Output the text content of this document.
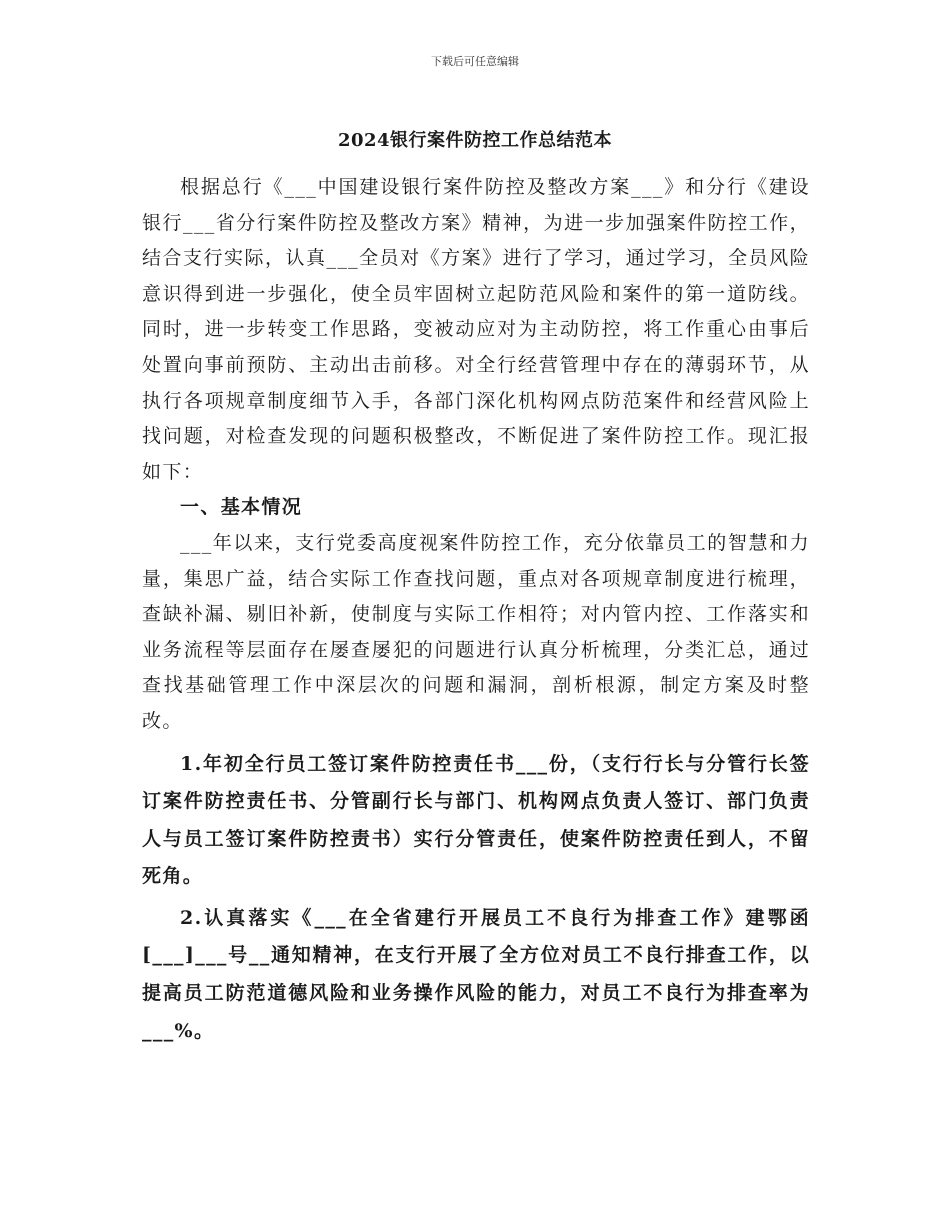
下载后可任意编辑
2024银行案件防控工作总结范本

根据总行《___中国建设银行案件防控及整改方案___》和分行《建设银行___省分行案件防控及整改方案》精神，为进一步加强案件防控工作，结合支行实际，认真___全员对《方案》进行了学习，通过学习，全员风险意识得到进一步强化，使全员牢固树立起防范风险和案件的第一道防线。同时，进一步转变工作思路，变被动应对为主动防控，将工作重心由事后处置向事前预防、主动出击前移。对全行经营管理中存在的薄弱环节，从执行各项规章制度细节入手，各部门深化机构网点防范案件和经营风险上找问题，对检查发现的问题积极整改，不断促进了案件防控工作。现汇报如下：

一、基本情况

___年以来，支行党委高度视案件防控工作，充分依靠员工的智慧和力量，集思广益，结合实际工作查找问题，重点对各项规章制度进行梳理，查缺补漏、剔旧补新，使制度与实际工作相符；对内管内控、工作落实和业务流程等层面存在屡查屡犯的问题进行认真分析梳理，分类汇总，通过查找基础管理工作中深层次的问题和漏洞，剖析根源，制定方案及时整改。

1.年初全行员工签订案件防控责任书___份，（支行行长与分管行长签订案件防控责任书、分管副行长与部门、机构网点负责人签订、部门负责人与员工签订案件防控责书）实行分管责任，使案件防控责任到人，不留死角。

2.认真落实《___在全省建行开展员工不良行为排查工作》建鄂函[___]___号__通知精神，在支行开展了全方位对员工不良行排查工作，以提高员工防范道德风险和业务操作风险的能力，对员工不良行为排查率为___%。
